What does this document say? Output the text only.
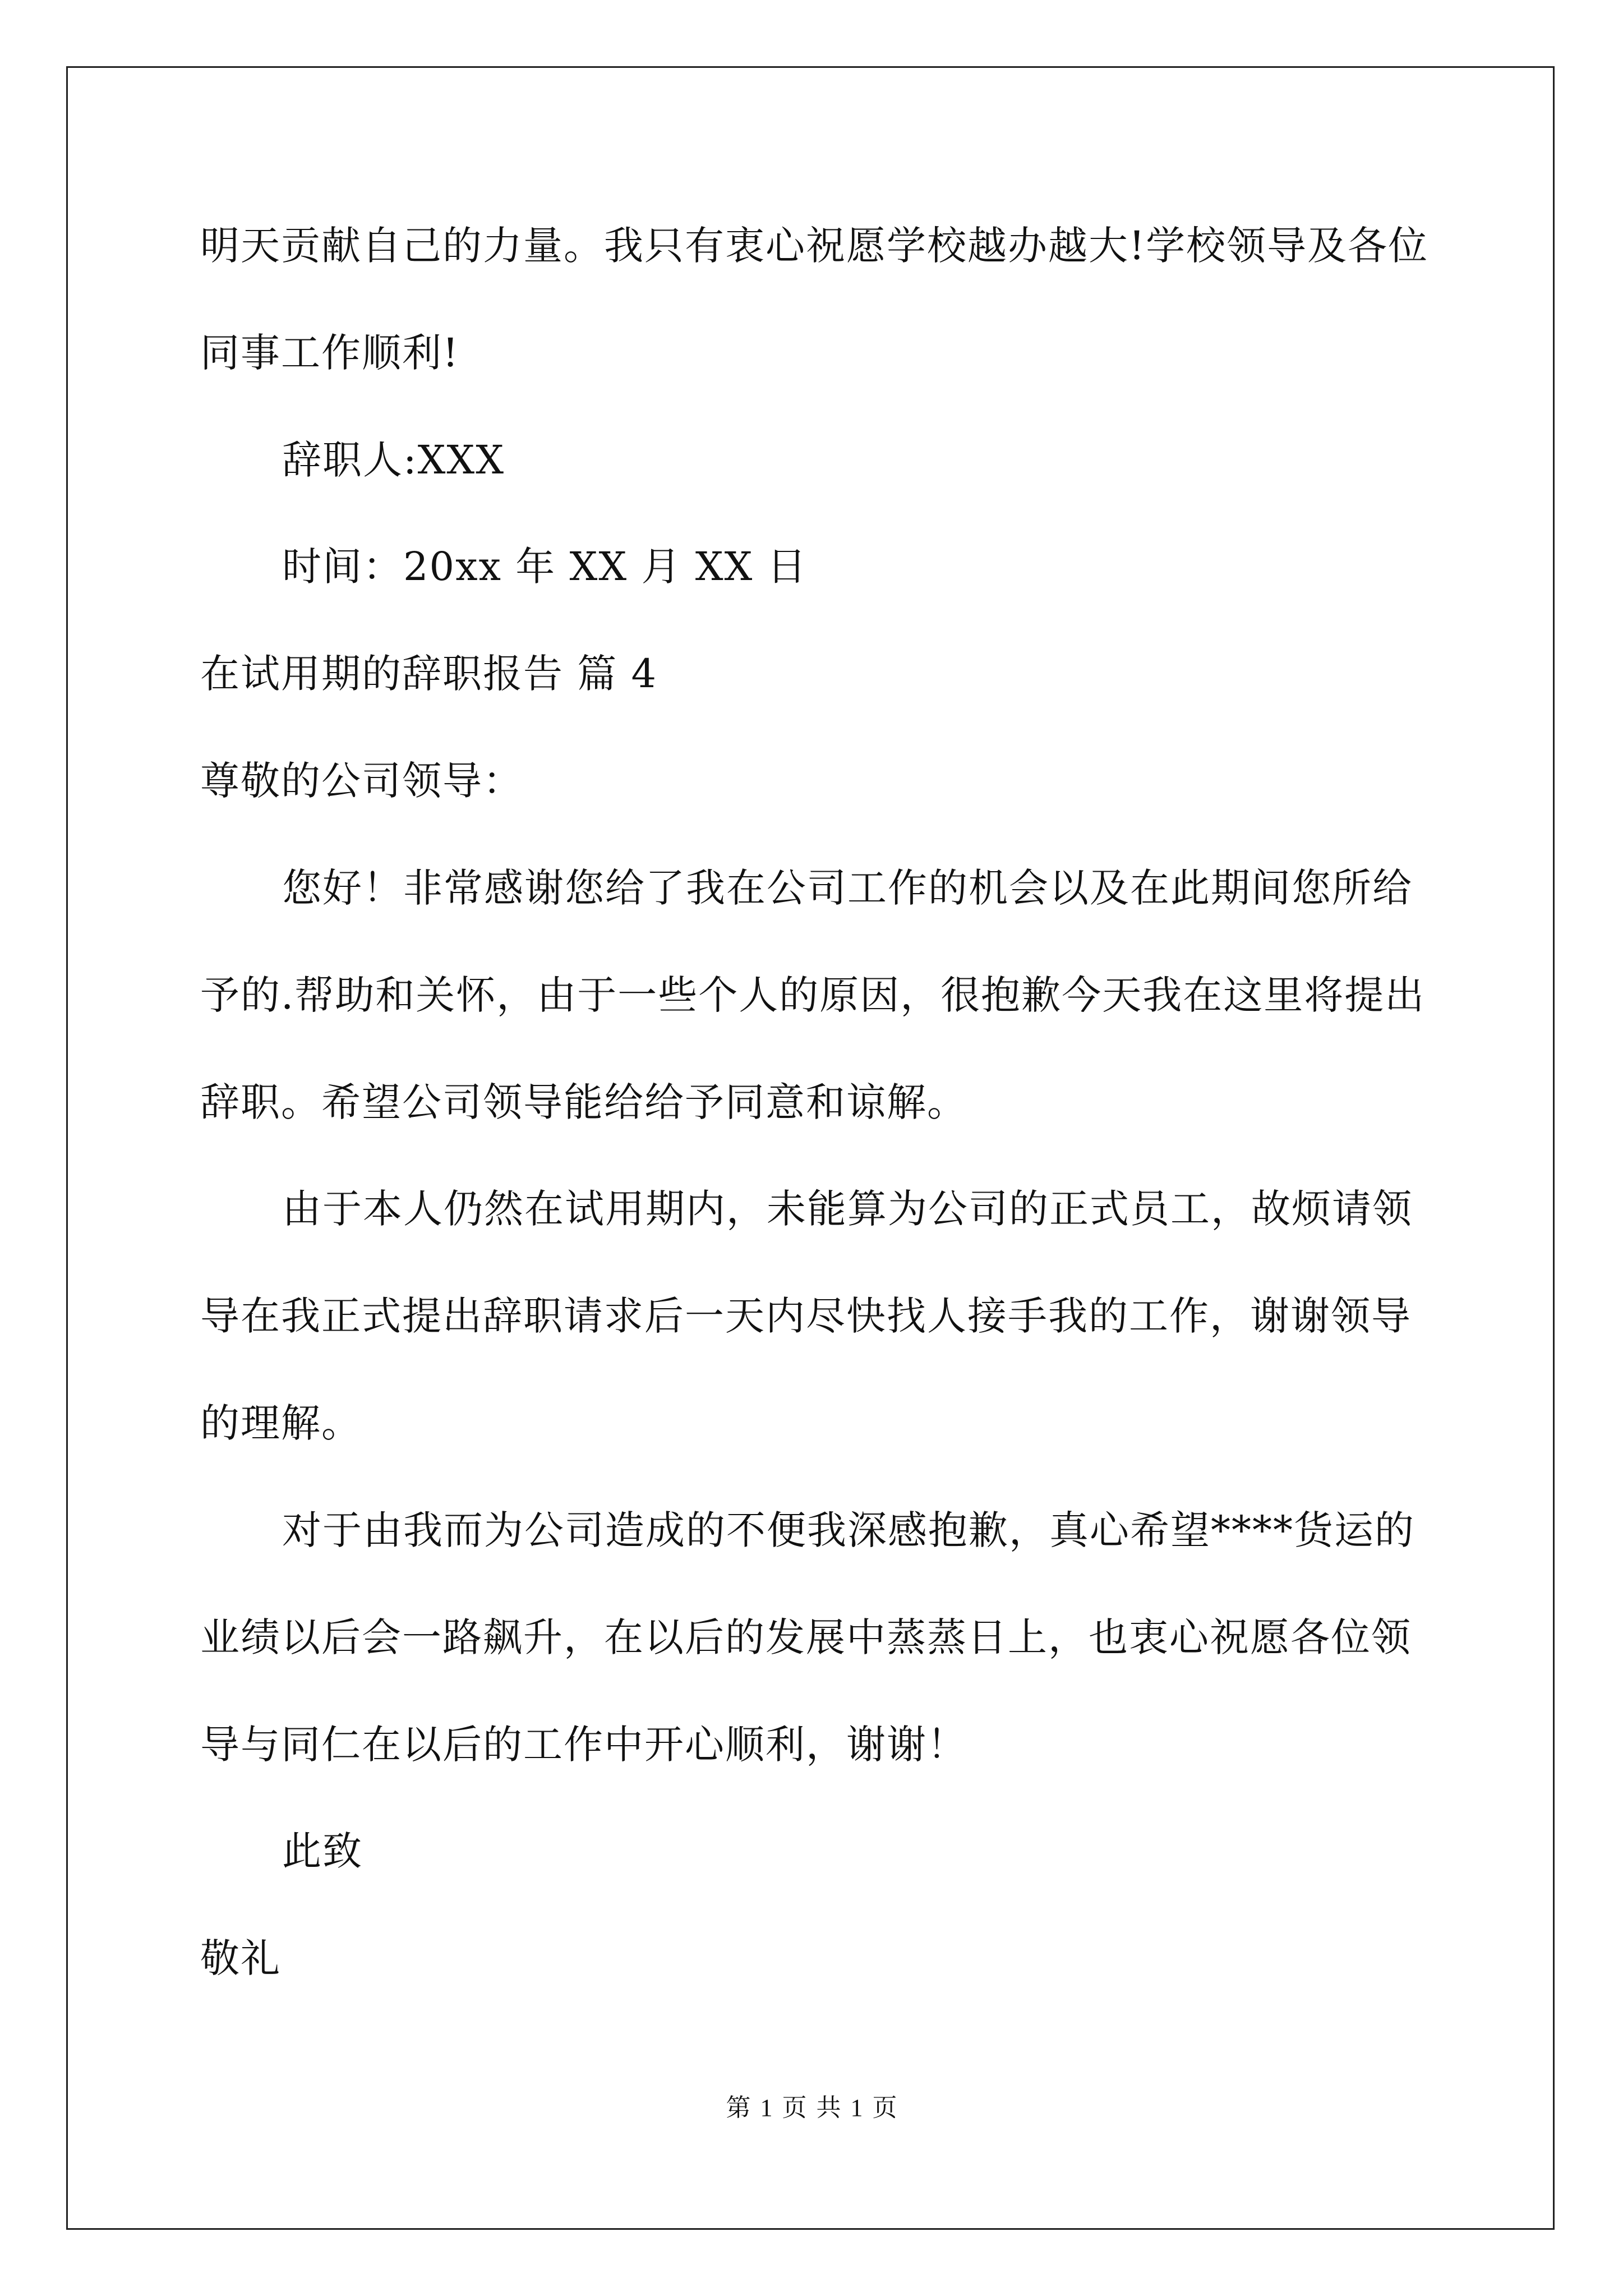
明天贡献自己的力量。我只有衷心祝愿学校越办越大!学校领导及各位
同事工作顺利!
辞职人:XXX
时间：20xx 年 XX 月 XX 日
在试用期的辞职报告 篇 4
尊敬的公司领导：
您好！非常感谢您给了我在公司工作的机会以及在此期间您所给
予的.帮助和关怀，由于一些个人的原因，很抱歉今天我在这里将提出
辞职。希望公司领导能给给予同意和谅解。
由于本人仍然在试用期内，未能算为公司的正式员工，故烦请领
导在我正式提出辞职请求后一天内尽快找人接手我的工作，谢谢领导
的理解。
对于由我而为公司造成的不便我深感抱歉，真心希望****货运的
业绩以后会一路飙升，在以后的发展中蒸蒸日上，也衷心祝愿各位领
导与同仁在以后的工作中开心顺利，谢谢！
此致
敬礼
第 1 页 共 1 页
